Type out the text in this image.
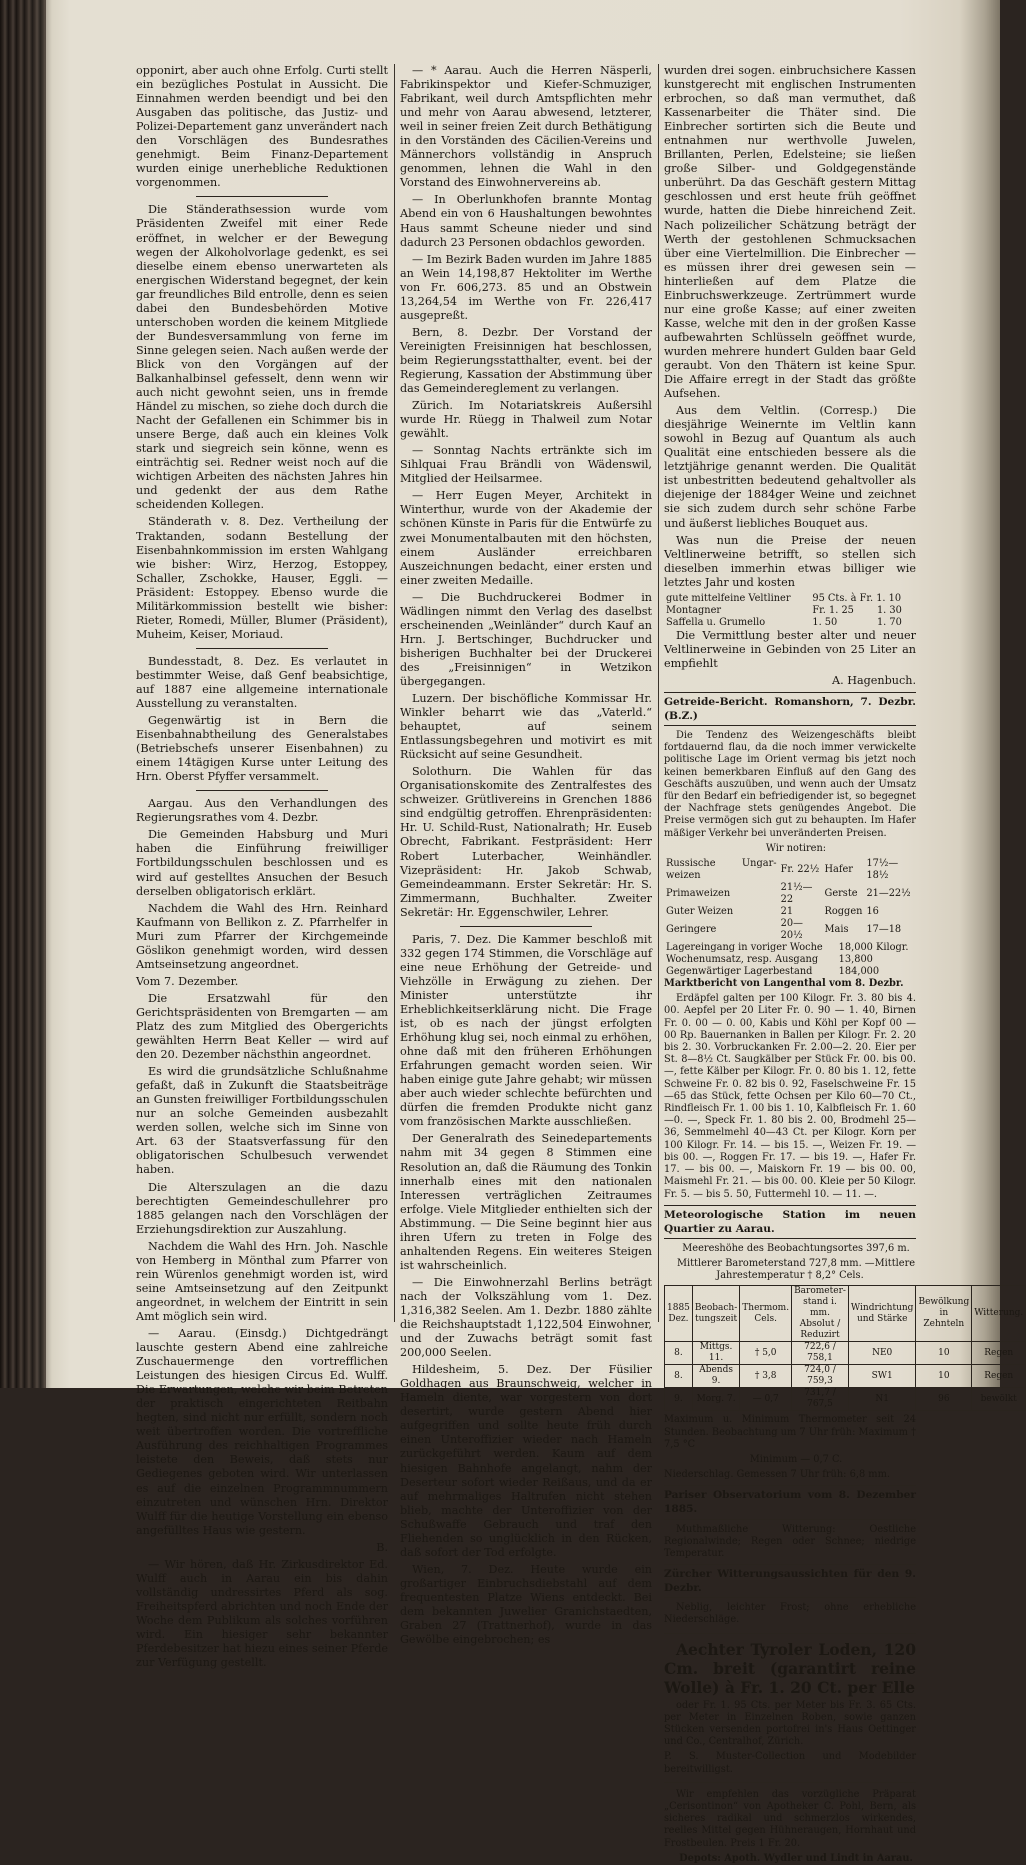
opponirt, aber auch ohne Erfolg. Curti stellt ein bezügliches Postulat in Aussicht. Die Einnahmen werden beendigt und bei den Ausgaben das politische, das Justiz- und Polizei-Departement ganz unverändert nach den Vorschlägen des Bundesrathes genehmigt. Beim Finanz-Departement wurden einige unerhebliche Reduktionen vorgenommen.

Die Ständerathsession wurde vom Präsidenten Zweifel mit einer Rede eröffnet, in welcher er der Bewegung wegen der Alkoholvorlage gedenkt, es sei dieselbe einem ebenso unerwarteten als energischen Widerstand begegnet, der kein gar freundliches Bild entrolle, denn es seien dabei den Bundesbehörden Motive unterschoben worden die keinem Mitgliede der Bundesversammlung von ferne im Sinne gelegen seien. Nach außen werde der Blick von den Vorgängen auf der Balkanhalbinsel gefesselt, denn wenn wir auch nicht gewohnt seien, uns in fremde Händel zu mischen, so ziehe doch durch die Nacht der Gefallenen ein Schimmer bis in unsere Berge, daß auch ein kleines Volk stark und siegreich sein könne, wenn es einträchtig sei. Redner weist noch auf die wichtigen Arbeiten des nächsten Jahres hin und gedenkt der aus dem Rathe scheidenden Kollegen.

Ständerath v. 8. Dez. Vertheilung der Traktanden, sodann Bestellung der Eisenbahnkommission im ersten Wahlgang wie bisher: Wirz, Herzog, Estoppey, Schaller, Zschokke, Hauser, Eggli. — Präsident: Estoppey. Ebenso wurde die Militärkommission bestellt wie bisher: Rieter, Romedi, Müller, Blumer (Präsident), Muheim, Keiser, Moriaud.

Bundesstadt, 8. Dez. Es verlautet in bestimmter Weise, daß Genf beabsichtige, auf 1887 eine allgemeine internationale Ausstellung zu veranstalten.

Gegenwärtig ist in Bern die Eisenbahnabtheilung des Generalstabes (Betriebschefs unserer Eisenbahnen) zu einem 14tägigen Kurse unter Leitung des Hrn. Oberst Pfyffer versammelt.

Aargau. Aus den Verhandlungen des Regierungsrathes vom 4. Dezbr.

Die Gemeinden Habsburg und Muri haben die Einführung freiwilliger Fortbildungsschulen beschlossen und es wird auf gestelltes Ansuchen der Besuch derselben obligatorisch erklärt.

Nachdem die Wahl des Hrn. Reinhard Kaufmann von Bellikon z. Z. Pfarrhelfer in Muri zum Pfarrer der Kirchgemeinde Göslikon genehmigt worden, wird dessen Amtseinsetzung angeordnet.

Vom 7. Dezember.

Die Ersatzwahl für den Gerichtspräsidenten von Bremgarten — am Platz des zum Mitglied des Obergerichts gewählten Herrn Beat Keller — wird auf den 20. Dezember nächsthin angeordnet.

Es wird die grundsätzliche Schlußnahme gefaßt, daß in Zukunft die Staatsbeiträge an Gunsten freiwilliger Fortbildungsschulen nur an solche Gemeinden ausbezahlt werden sollen, welche sich im Sinne von Art. 63 der Staatsverfassung für den obligatorischen Schulbesuch verwendet haben.

Die Alterszulagen an die dazu berechtigten Gemeindeschullehrer pro 1885 gelangen nach den Vorschlägen der Erziehungsdirektion zur Auszahlung.

Nachdem die Wahl des Hrn. Joh. Naschle von Hemberg in Mönthal zum Pfarrer von rein Würenlos genehmigt worden ist, wird seine Amtseinsetzung auf den Zeitpunkt angeordnet, in welchem der Eintritt in sein Amt möglich sein wird.

— Aarau. (Einsdg.) Dichtgedrängt lauschte gestern Abend eine zahlreiche Zuschauermenge den vortrefflichen Leistungen des hiesigen Circus Ed. Wulff. Die Erwartungen, welche wir beim Betreten der praktisch eingerichteten Reitbahn hegten, sind nicht nur erfüllt, sondern noch weit übertroffen worden. Die vortreffliche Ausführung des reichhaltigen Programmes leistete den Beweis, daß stets nur Gediegenes geboten wird. Wir unterlassen es auf die einzelnen Programmnummern einzutreten und wünschen Hrn. Direktor Wulff für die heutige Vorstellung ein ebenso angefülltes Haus wie gestern.

B.

— Wir hören, daß Hr. Zirkusdirektor Ed. Wulff auch in Aarau ein bis dahin vollständig undressirtes Pferd als sog. Freiheitspferd abrichten und noch Ende der Woche dem Publikum als solches vorführen wird. Ein hiesiger sehr bekannter Pferdebesitzer hat hiezu eines seiner Pferde zur Verfügung gestellt.

— * Aarau. Auch die Herren Näsperli, Fabrikinspektor und Kiefer-Schmuziger, Fabrikant, weil durch Amtspflichten mehr und mehr von Aarau abwesend, letzterer, weil in seiner freien Zeit durch Bethätigung in den Vorständen des Cäcilien-Vereins und Männerchors vollständig in Anspruch genommen, lehnen die Wahl in den Vorstand des Einwohnervereins ab.

— In Oberlunkhofen brannte Montag Abend ein von 6 Haushaltungen bewohntes Haus sammt Scheune nieder und sind dadurch 23 Personen obdachlos geworden.

— Im Bezirk Baden wurden im Jahre 1885 an Wein 14,198,87 Hektoliter im Werthe von Fr. 606,273. 85 und an Obstwein 13,264,54 im Werthe von Fr. 226,417 ausgepreßt.

Bern, 8. Dezbr. Der Vorstand der Vereinigten Freisinnigen hat beschlossen, beim Regierungsstatthalter, event. bei der Regierung, Kassation der Abstimmung über das Gemeindereglement zu verlangen.

Zürich. Im Notariatskreis Außersihl wurde Hr. Rüegg in Thalweil zum Notar gewählt.

— Sonntag Nachts ertränkte sich im Sihlquai Frau Brändli von Wädenswil, Mitglied der Heilsarmee.

— Herr Eugen Meyer, Architekt in Winterthur, wurde von der Akademie der schönen Künste in Paris für die Entwürfe zu zwei Monumentalbauten mit den höchsten, einem Ausländer erreichbaren Auszeichnungen bedacht, einer ersten und einer zweiten Medaille.

— Die Buchdruckerei Bodmer in Wädlingen nimmt den Verlag des daselbst erscheinenden „Weinländer“ durch Kauf an Hrn. J. Bertschinger, Buchdrucker und bisherigen Buchhalter bei der Druckerei des „Freisinnigen“ in Wetzikon übergegangen.

Luzern. Der bischöfliche Kommissar Hr. Winkler beharrt wie das „Vaterld.“ behauptet, auf seinem Entlassungsbegehren und motivirt es mit Rücksicht auf seine Gesundheit.

Solothurn. Die Wahlen für das Organisationskomite des Zentralfestes des schweizer. Grütlivereins in Grenchen 1886 sind endgültig getroffen. Ehrenpräsidenten: Hr. U. Schild-Rust, Nationalrath; Hr. Euseb Obrecht, Fabrikant. Festpräsident: Herr Robert Luterbacher, Weinhändler. Vizepräsident: Hr. Jakob Schwab, Gemeindeammann. Erster Sekretär: Hr. S. Zimmermann, Buchhalter. Zweiter Sekretär: Hr. Eggenschwiler, Lehrer.

Paris, 7. Dez. Die Kammer beschloß mit 332 gegen 174 Stimmen, die Vorschläge auf eine neue Erhöhung der Getreide- und Viehzölle in Erwägung zu ziehen. Der Minister unterstützte ihr Erheblichkeitserklärung nicht. Die Frage ist, ob es nach der jüngst erfolgten Erhöhung klug sei, noch einmal zu erhöhen, ohne daß mit den früheren Erhöhungen Erfahrungen gemacht worden seien. Wir haben einige gute Jahre gehabt; wir müssen aber auch wieder schlechte befürchten und dürfen die fremden Produkte nicht ganz vom französischen Markte ausschließen.

Der Generalrath des Seinedepartements nahm mit 34 gegen 8 Stimmen eine Resolution an, daß die Räumung des Tonkin innerhalb eines mit den nationalen Interessen verträglichen Zeitraumes erfolge. Viele Mitglieder enthielten sich der Abstimmung. — Die Seine beginnt hier aus ihren Ufern zu treten in Folge des anhaltenden Regens. Ein weiteres Steigen ist wahrscheinlich.

— Die Einwohnerzahl Berlins beträgt nach der Volkszählung vom 1. Dez. 1,316,382 Seelen. Am 1. Dezbr. 1880 zählte die Reichshauptstadt 1,122,504 Einwohner, und der Zuwachs beträgt somit fast 200,000 Seelen.

Hildesheim, 5. Dez. Der Füsilier Goldhagen aus Braunschweig, welcher in Hameln diente, war vorgestern von dort desertirt, wurde gestern Abend hier aufgegriffen und sollte heute früh durch einen Unteroffizier wieder nach Hameln zurückgeführt werden. Kaum auf dem hiesigen Bahnhofe angelangt, nahm der Deserteur sofort wieder Reißaus, und da er auf mehrmaliges Haltrufen nicht stehen blieb, machte der Unteroffizier von der Schußwaffe Gebrauch und traf den Fliehenden so unglücklich in den Rücken, daß sofort der Tod erfolgte.

Wien, 7. Dez. Heute wurde ein großartiger Einbruchsdiebstahl auf dem frequentesten Platze Wiens entdeckt. Bei dem bekannten Juwelier Granichstaedten, Graben 27 (Trattnerhof), wurde in das Gewölbe eingebrochen; es

wurden drei sogen. einbruchsichere Kassen kunstgerecht mit englischen Instrumenten erbrochen, so daß man vermuthet, daß Kassenarbeiter die Thäter sind. Die Einbrecher sortirten sich die Beute und entnahmen nur werthvolle Juwelen, Brillanten, Perlen, Edelsteine; sie ließen große Silber- und Goldgegenstände unberührt. Da das Geschäft gestern Mittag geschlossen und erst heute früh geöffnet wurde, hatten die Diebe hinreichend Zeit. Nach polizeilicher Schätzung beträgt der Werth der gestohlenen Schmucksachen über eine Viertelmillion. Die Einbrecher — es müssen ihrer drei gewesen sein — hinterließen auf dem Platze die Einbruchswerkzeuge. Zertrümmert wurde nur eine große Kasse; auf einer zweiten Kasse, welche mit den in der großen Kasse aufbewahrten Schlüsseln geöffnet wurde, wurden mehrere hundert Gulden baar Geld geraubt. Von den Thätern ist keine Spur. Die Affaire erregt in der Stadt das größte Aufsehen.

Aus dem Veltlin. (Corresp.) Die diesjährige Weinernte im Veltlin kann sowohl in Bezug auf Quantum als auch Qualität eine entschieden bessere als die letztjährige genannt werden. Die Qualität ist unbestritten bedeutend gehaltvoller als diejenige der 1884ger Weine und zeichnet sie sich zudem durch sehr schöne Farbe und äußerst liebliches Bouquet aus.

Was nun die Preise der neuen Veltlinerweine betrifft, so stellen sich dieselben immerhin etwas billiger wie letztes Jahr und kosten

gute mittelfeine Veltliner	95 Cts. à Fr. 1. 10	
Montagner	Fr. 1. 25	1. 30
Saffella u. Grumello	1. 50	1. 70

Die Vermittlung bester alter und neuer Veltlinerweine in Gebinden von 25 Liter an empfiehlt

A. Hagenbuch.
Getreide-Bericht. Romanshorn, 7. Dezbr. (B.Z.)

Die Tendenz des Weizengeschäfts bleibt fortdauernd flau, da die noch immer verwickelte politische Lage im Orient vermag bis jetzt noch keinen bemerkbaren Einfluß auf den Gang des Geschäfts auszuüben, und wenn auch der Umsatz für den Bedarf ein befriedigender ist, so begegnet der Nachfrage stets genügendes Angebot. Die Preise vermögen sich gut zu behaupten. Im Hafer mäßiger Verkehr bei unveränderten Preisen.

Wir notiren:

Russische Ungar-weizen	Fr. 22½	Hafer	17½—18½
Primaweizen	21½—22	Gerste	21—22½
Guter Weizen	21	Roggen	16
Geringere	20—20½	Mais	17—18
Lagereingang in voriger Woche	18,000 Kilogr.
Wochenumsatz, resp. Ausgang	13,800
Gegenwärtiger Lagerbestand	184,000

Marktbericht von Langenthal vom 8. Dezbr.

Erdäpfel galten per 100 Kilogr. Fr. 3. 80 bis 4. 00. Aepfel per 20 Liter Fr. 0. 90 — 1. 40, Birnen Fr. 0. 00 — 0. 00, Kabis und Köhl per Kopf 00 — 00 Rp. Bauernanken in Ballen per Kilogr. Fr. 2. 20 bis 2. 30. Vorbruckanken Fr. 2.00—2. 20. Eier per St. 8—8½ Ct. Saugkälber per Stück Fr. 00. bis 00. —, fette Kälber per Kilogr. Fr. 0. 80 bis 1. 12, fette Schweine Fr. 0. 82 bis 0. 92, Faselschweine Fr. 15—65 das Stück, fette Ochsen per Kilo 60—70 Ct., Rindfleisch Fr. 1. 00 bis 1. 10, Kalbfleisch Fr. 1. 60—0. —, Speck Fr. 1. 80 bis 2. 00, Brodmehl 25—36, Semmelmehl 40—43 Ct. per Kilogr. Korn per 100 Kilogr. Fr. 14. — bis 15. —, Weizen Fr. 19. — bis 00. —, Roggen Fr. 17. — bis 19. —, Hafer Fr. 17. — bis 00. —, Maiskorn Fr. 19 — bis 00. 00, Maismehl Fr. 21. — bis 00. 00. Kleie per 50 Kilogr. Fr. 5. — bis 5. 50, Futtermehl 10. — 11. —.

Meteorologische Station im neuen Quartier zu Aarau.

Meereshöhe des Beobachtungsortes 397,6 m.

Mittlerer Barometerstand 727,8 mm. —Mittlere Jahrestemperatur † 8,2° Cels.

1885 Dez.	Beobach-tungszeit	Thermom. Cels.	Barometer-stand i. mm. Absolut / Reduzirt	Windrichtung und Stärke	Bewölkung in Zehnteln	Witterung.
8.	Mittgs. 11.	† 5,0	722,6 / 758,1	NE0	10	Regen
8.	Abends 9.	† 3,8	724,0 / 759,3	SW1	10	Regen
9.	Morg. 7.	— 0,7	731,7 / 767,5	N1	96	bewölkt

Maximum u. Minimum Thermometer seit 24 Stunden. Beobachtung um 7 Uhr früh: Maximum † 7,5 °C

Minimum — 0,7 C.

Niederschlag. Gemessen 7 Uhr früh: 6,8 mm.

Pariser Observatorium vom 8. Dezember 1885.

Muthmaßliche Witterung: Oestliche Regionalwinde; Regen oder Schnee; niedrige Temperatur.

Zürcher Witterungsaussichten für den 9. Dezbr.

Neblig, leichter Frost; ohne erhebliche Niederschläge.

Aechter Tyroler Loden, 120 Cm. breit (garantirt reine Wolle) à Fr. 1. 20 Ct. per Elle

oder Fr. 1. 95 Cts. per Meter bis Fr. 3. 65 Cts. per Meter in Einzelnen Roben, sowie ganzen Stücken versenden portofrei in's Haus Oettinger und Co., Centralhof, Zürich.

P. S. Muster-Collection und Modebilder bereitwilligst.

Wir empfehlen das vorzügliche Präparat „Cerisontinon“ von Apotheker C. Pohl, Bern, als sicheres radikal und schmerzlos wirkendes, reelles Mittel gegen Hühneraugen, Hornhaut und Frostbeulen. Preis 1 Fr. 20.

Depots: Apoth. Wydler und Lindt in Aarau.
